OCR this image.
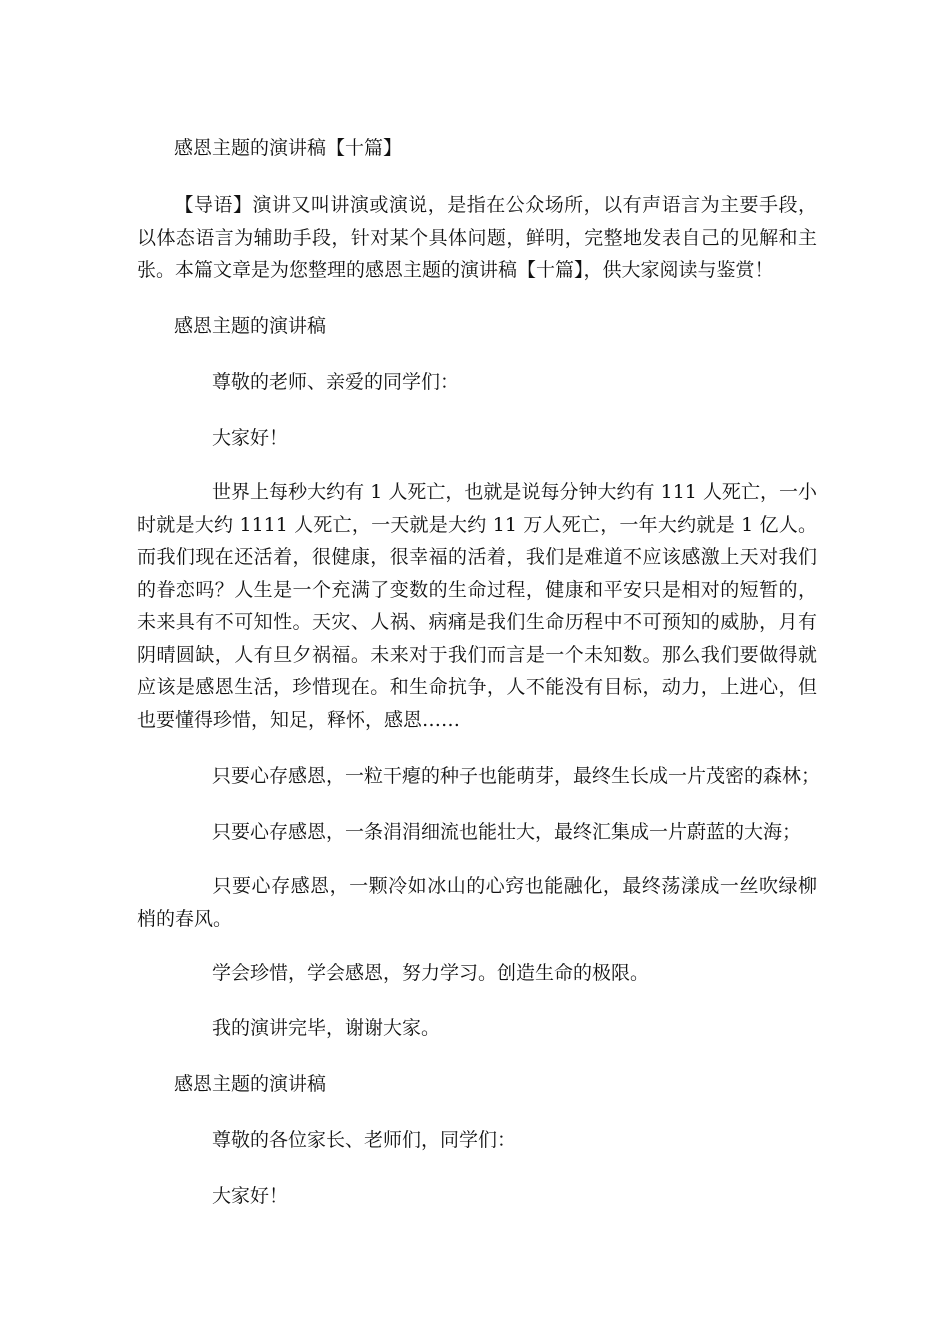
感恩主题的演讲稿【十篇】

【导语】演讲又叫讲演或演说，是指在公众场所，以有声语言为主要手段，以体态语言为辅助手段，针对某个具体问题，鲜明，完整地发表自己的见解和主张。本篇文章是为您整理的感恩主题的演讲稿【十篇】，供大家阅读与鉴赏！

感恩主题的演讲稿

尊敬的老师、亲爱的同学们：

大家好！

世界上每秒大约有 1 人死亡，也就是说每分钟大约有 111 人死亡，一小时就是大约 1111 人死亡，一天就是大约 11 万人死亡，一年大约就是 1 亿人。而我们现在还活着，很健康，很幸福的活着，我们是难道不应该感激上天对我们的眷恋吗？人生是一个充满了变数的生命过程，健康和平安只是相对的短暂的，未来具有不可知性。天灾、人祸、病痛是我们生命历程中不可预知的威胁，月有阴晴圆缺，人有旦夕祸福。未来对于我们而言是一个未知数。那么我们要做得就应该是感恩生活，珍惜现在。和生命抗争，人不能没有目标，动力，上进心，但也要懂得珍惜，知足，释怀，感恩……

只要心存感恩，一粒干瘪的种子也能萌芽，最终生长成一片茂密的森林；

只要心存感恩，一条涓涓细流也能壮大，最终汇集成一片蔚蓝的大海；

只要心存感恩，一颗冷如冰山的心窍也能融化，最终荡漾成一丝吹绿柳梢的春风。

学会珍惜，学会感恩，努力学习。创造生命的极限。

我的演讲完毕，谢谢大家。

感恩主题的演讲稿

尊敬的各位家长、老师们，同学们：

大家好！
